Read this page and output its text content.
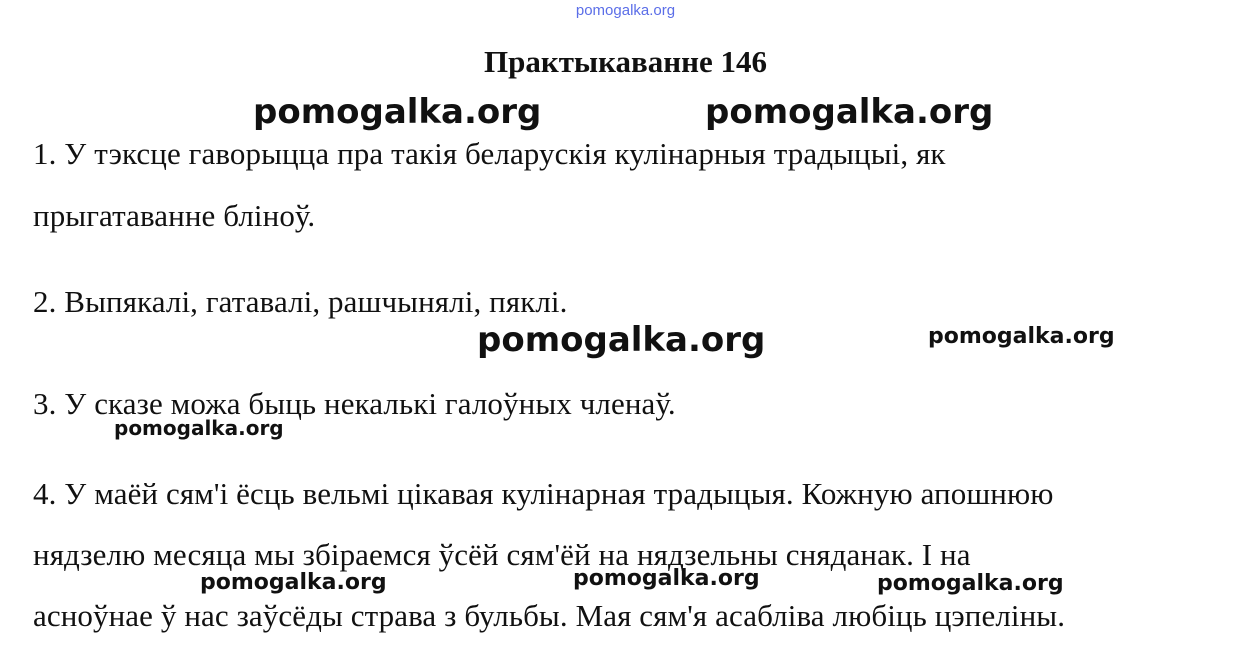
pomogalka.org
Практыкаванне 146
pomogalka.org	pomogalka.org
1. У тэксце гаворыцца пра такія беларускія кулінарныя традыцыі, як
прыгатаванне бліноў.
2. Выпякалі, гатавалі, рашчынялі, пяклі.
pomogalka.org	pomogalka.org
3. У сказе можа быць некалькі галоўных членаў.
pomogalka.org
4. У маёй сям'і ёсць вельмі цікавая кулінарная традыцыя. Кожную апошнюю
нядзелю месяца мы збіраемся ўсёй сям'ёй на нядзельны сняданак. І на
pomogalka.org	pomogalka.org	pomogalka.org
асноўнае ў нас заўсёды страва з бульбы. Мая сям'я асабліва любіць цэпеліны.
